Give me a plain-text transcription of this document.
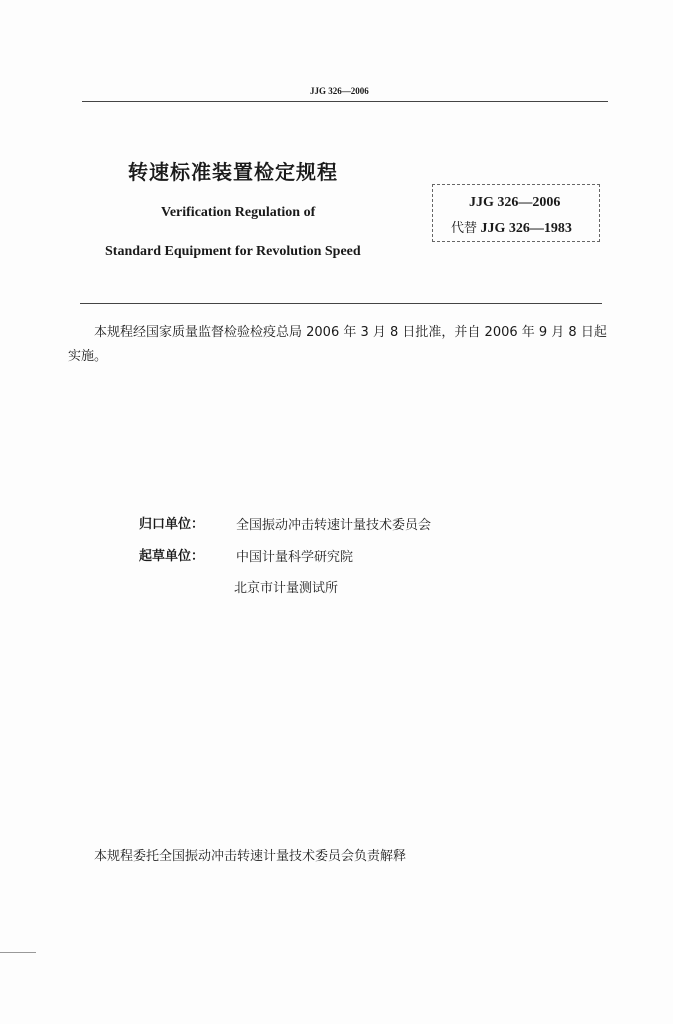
JJG 326—2006
转速标准装置检定规程
Verification Regulation of
Standard Equipment for Revolution Speed
JJG 326—2006
代替 JJG 326—1983
本规程经国家质量监督检验检疫总局 2006 年 3 月 8 日批准，并自 2006 年 9 月 8 日起实施。
归口单位： 全国振动冲击转速计量技术委员会
起草单位： 中国计量科学研究院
北京市计量测试所
本规程委托全国振动冲击转速计量技术委员会负责解释
